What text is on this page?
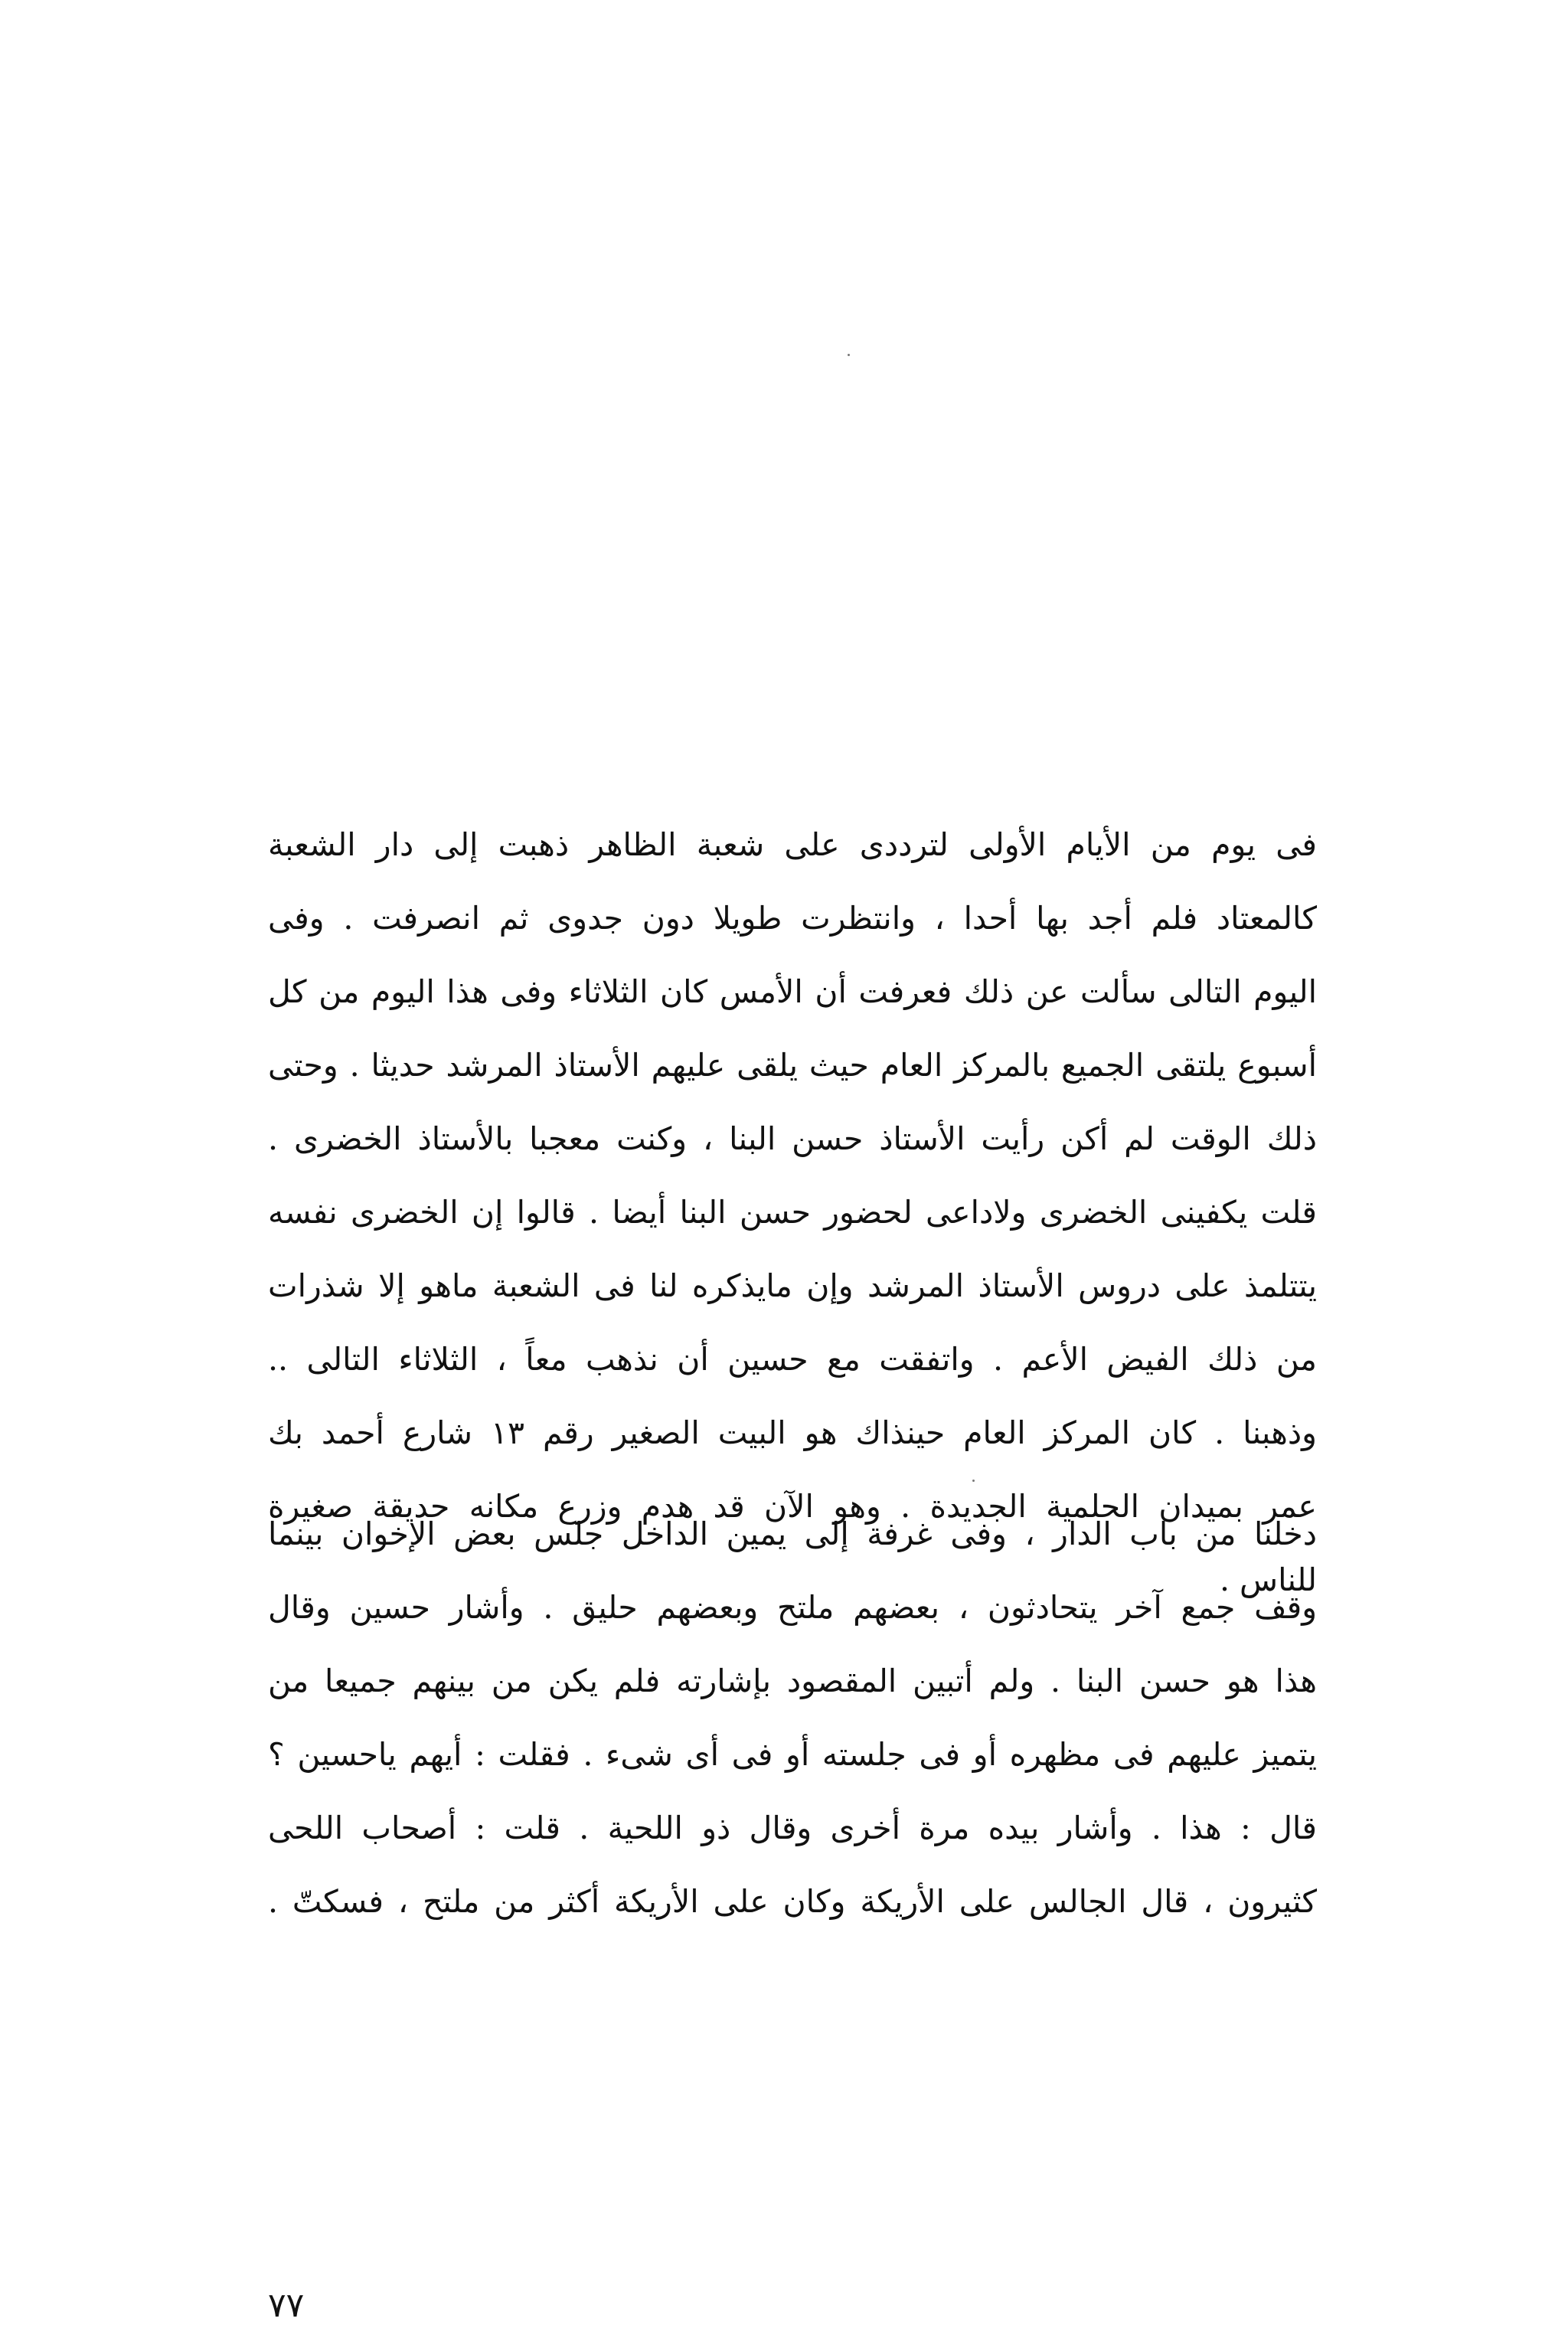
فى يوم من الأيام الأولى لترددى على شعبة الظاهر ذهبت إلى دار الشعبة
كالمعتاد فلم أجد بها أحدا ، وانتظرت طويلا دون جدوى ثم انصرفت . وفى
اليوم التالى سألت عن ذلك فعرفت أن الأمس كان الثلاثاء وفى هذا اليوم من كل
أسبوع يلتقى الجميع بالمركز العام حيث يلقى عليهم الأستاذ المرشد حديثا . وحتى
ذلك الوقت لم أكن رأيت الأستاذ حسن البنا ، وكنت معجبا بالأستاذ الخضرى .
قلت يكفينى الخضرى ولاداعى لحضور حسن البنا أيضا . قالوا إن الخضرى نفسه
يتتلمذ على دروس الأستاذ المرشد وإن مايذكره لنا فى الشعبة ماهو إلا شذرات
من ذلك الفيض الأعم . واتفقت مع حسين أن نذهب معاً ، الثلاثاء التالى ..
وذهبنا . كان المركز العام حينذاك هو البيت الصغير رقم ١٣ شارع أحمد بك
عمر بميدان الحلمية الجديدة . وهو الآن قد هدم وزرع مكانه حديقة صغيرة
للناس .
دخلنا من باب الدار ، وفى غرفة إلى يمين الداخل جلس بعض الإخوان بينما
وقف جمع آخر يتحادثون ، بعضهم ملتح وبعضهم حليق . وأشار حسين وقال
هذا هو حسن البنا . ولم أتبين المقصود بإشارته فلم يكن من بينهم جميعا من
يتميز عليهم فى مظهره أو فى جلسته أو فى أى شىء . فقلت : أيهم ياحسين ؟
قال : هذا . وأشار بيده مرة أخرى وقال ذو اللحية . قلت : أصحاب اللحى
كثيرون ، قال الجالس على الأريكة وكان على الأريكة أكثر من ملتح ، فسكتّ .
٧٧
